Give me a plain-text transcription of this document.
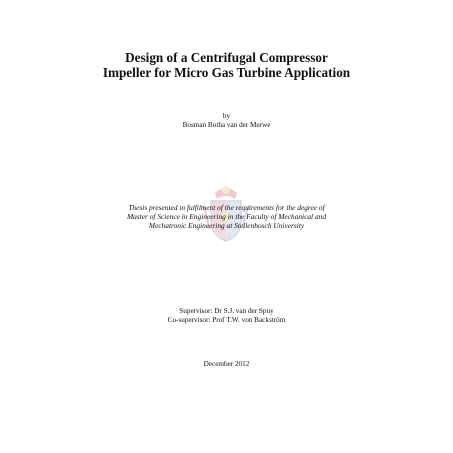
Design of a Centrifugal Compressor
Impeller for Micro Gas Turbine Application
by
Bosman Botha van der Merwe
Thesis presented in fulfilment of the requirements for the degree of
Master of Science in Engineering in the Faculty of Mechanical and
Mechatronic Engineering at Stellenbosch University
Supervisor: Dr S.J. van der Spuy
Co-supervisor: Prof T.W. von Backström
December 2012
